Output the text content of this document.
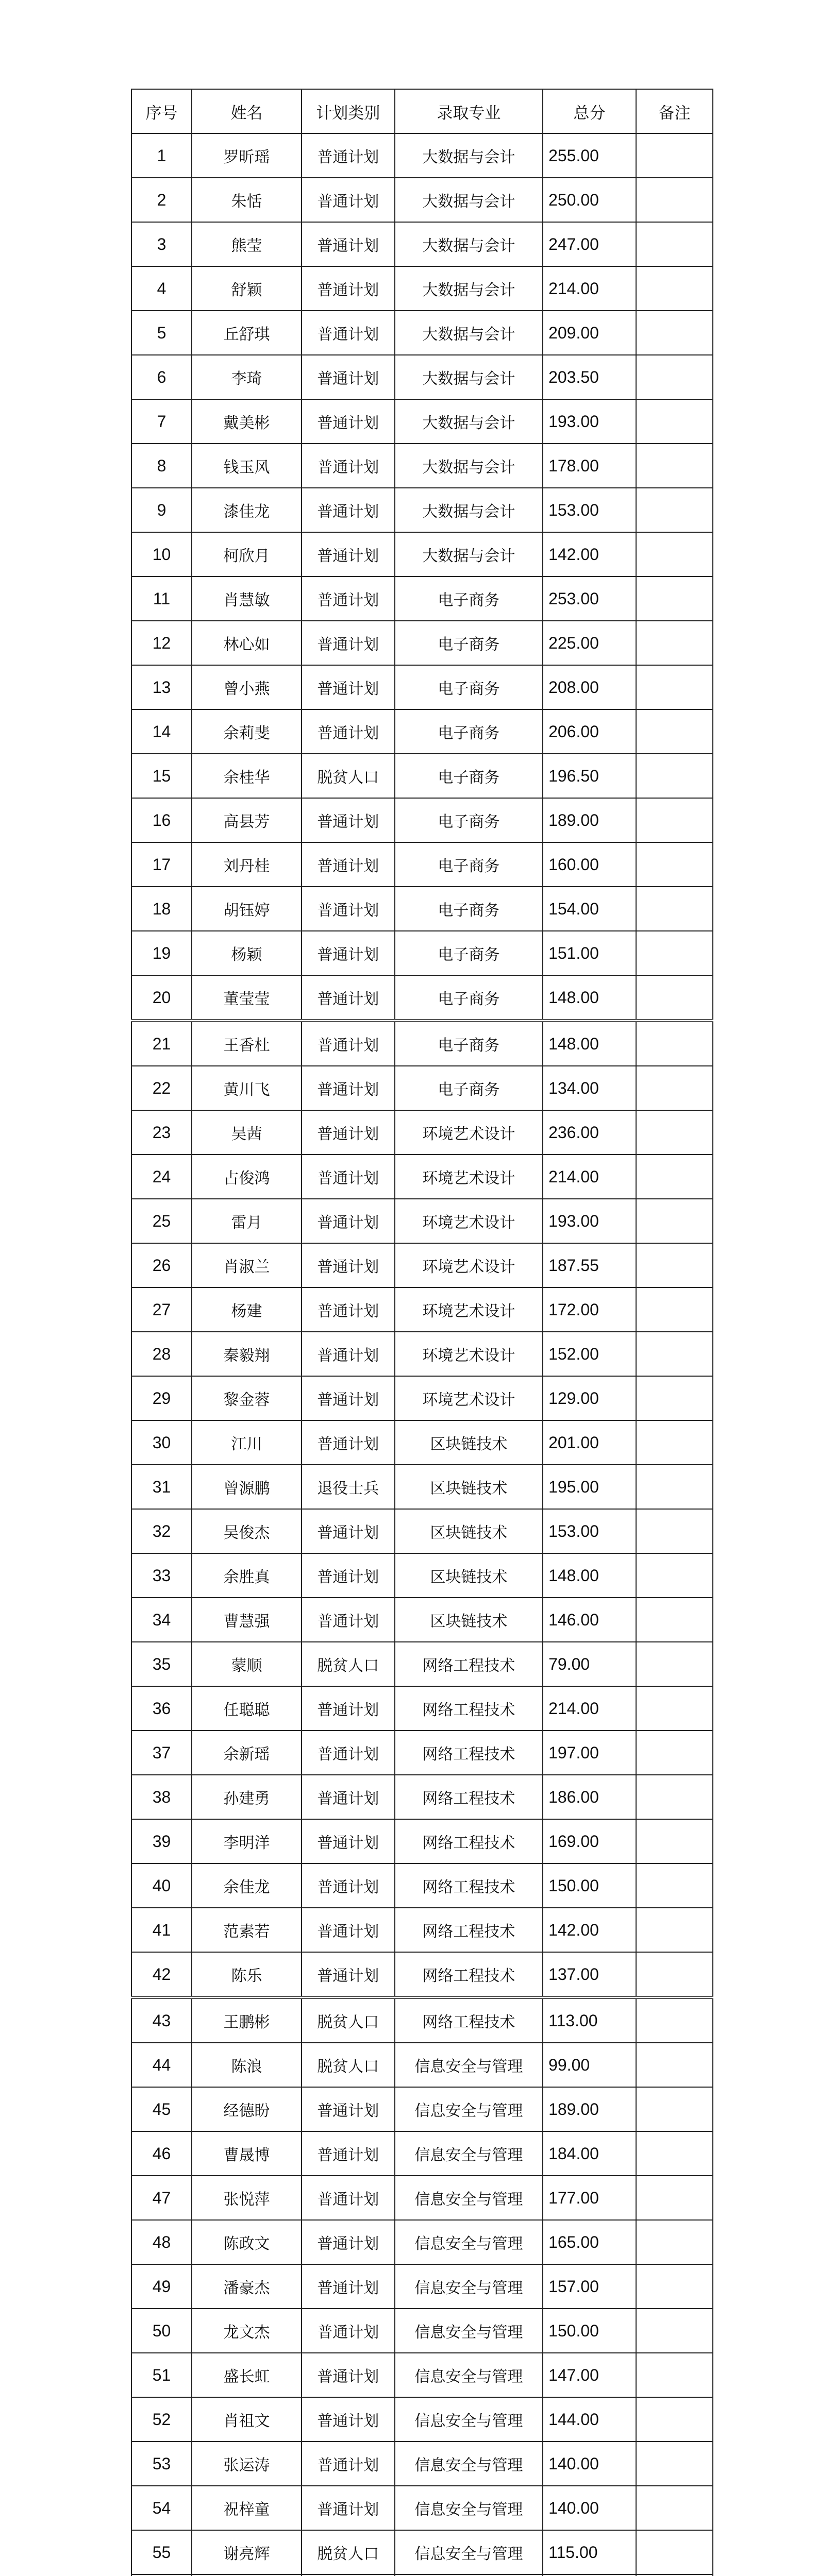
序号	姓名	计划类别	录取专业	总分	备注
1	罗昕瑶	普通计划	大数据与会计	255.00	
2	朱恬	普通计划	大数据与会计	250.00	
3	熊莹	普通计划	大数据与会计	247.00	
4	舒颖	普通计划	大数据与会计	214.00	
5	丘舒琪	普通计划	大数据与会计	209.00	
6	李琦	普通计划	大数据与会计	203.50	
7	戴美彬	普通计划	大数据与会计	193.00	
8	钱玉风	普通计划	大数据与会计	178.00	
9	漆佳龙	普通计划	大数据与会计	153.00	
10	柯欣月	普通计划	大数据与会计	142.00	
11	肖慧敏	普通计划	电子商务	253.00	
12	林心如	普通计划	电子商务	225.00	
13	曾小燕	普通计划	电子商务	208.00	
14	余莉斐	普通计划	电子商务	206.00	
15	余桂华	脱贫人口	电子商务	196.50	
16	高县芳	普通计划	电子商务	189.00	
17	刘丹桂	普通计划	电子商务	160.00	
18	胡钰婷	普通计划	电子商务	154.00	
19	杨颖	普通计划	电子商务	151.00	
20	董莹莹	普通计划	电子商务	148.00	
21	王香杜	普通计划	电子商务	148.00	
22	黄川飞	普通计划	电子商务	134.00	
23	吴茜	普通计划	环境艺术设计	236.00	
24	占俊鸿	普通计划	环境艺术设计	214.00	
25	雷月	普通计划	环境艺术设计	193.00	
26	肖淑兰	普通计划	环境艺术设计	187.55	
27	杨建	普通计划	环境艺术设计	172.00	
28	秦毅翔	普通计划	环境艺术设计	152.00	
29	黎金蓉	普通计划	环境艺术设计	129.00	
30	江川	普通计划	区块链技术	201.00	
31	曾源鹏	退役士兵	区块链技术	195.00	
32	吴俊杰	普通计划	区块链技术	153.00	
33	余胜真	普通计划	区块链技术	148.00	
34	曹慧强	普通计划	区块链技术	146.00	
35	蒙顺	脱贫人口	网络工程技术	79.00	
36	任聪聪	普通计划	网络工程技术	214.00	
37	余新瑶	普通计划	网络工程技术	197.00	
38	孙建勇	普通计划	网络工程技术	186.00	
39	李明洋	普通计划	网络工程技术	169.00	
40	余佳龙	普通计划	网络工程技术	150.00	
41	范素若	普通计划	网络工程技术	142.00	
42	陈乐	普通计划	网络工程技术	137.00	
43	王鹏彬	脱贫人口	网络工程技术	113.00	
44	陈浪	脱贫人口	信息安全与管理	99.00	
45	经德盼	普通计划	信息安全与管理	189.00	
46	曹晟博	普通计划	信息安全与管理	184.00	
47	张悦萍	普通计划	信息安全与管理	177.00	
48	陈政文	普通计划	信息安全与管理	165.00	
49	潘豪杰	普通计划	信息安全与管理	157.00	
50	龙文杰	普通计划	信息安全与管理	150.00	
51	盛长虹	普通计划	信息安全与管理	147.00	
52	肖祖文	普通计划	信息安全与管理	144.00	
53	张运涛	普通计划	信息安全与管理	140.00	
54	祝梓童	普通计划	信息安全与管理	140.00	
55	谢亮辉	脱贫人口	信息安全与管理	115.00	
